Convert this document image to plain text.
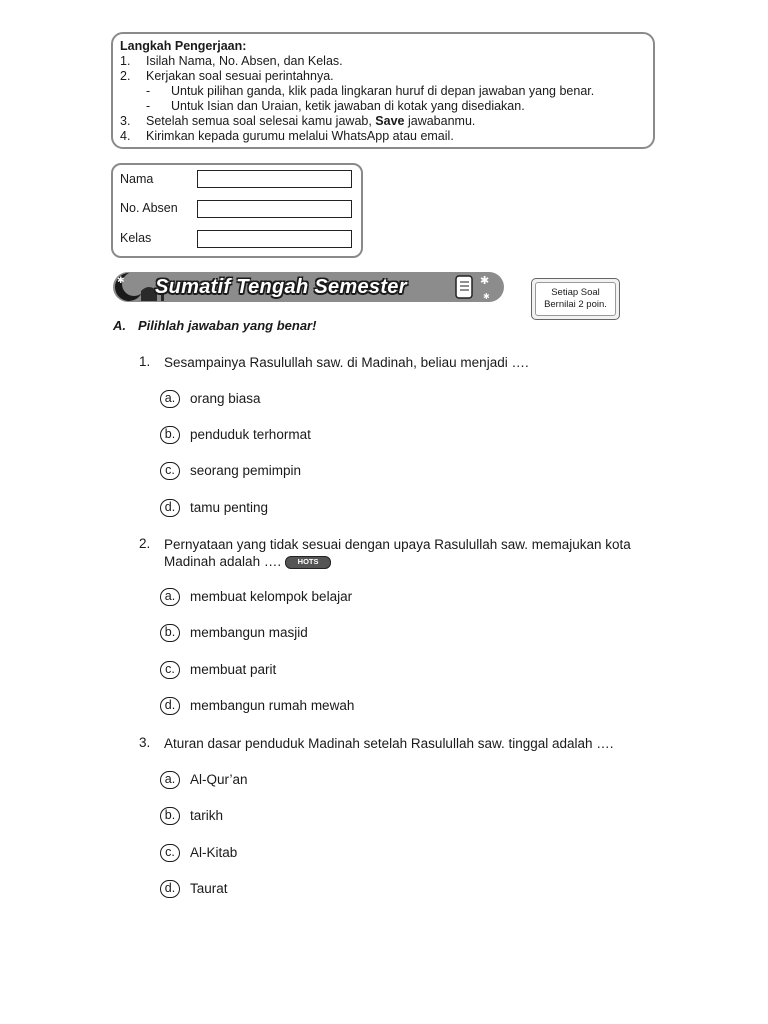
Langkah Pengerjaan:
1. Isilah Nama, No. Absen, dan Kelas.
2. Kerjakan soal sesuai perintahnya.
- Untuk pilihan ganda, klik pada lingkaran huruf di depan jawaban yang benar.
- Untuk Isian dan Uraian, ketik jawaban di kotak yang disediakan.
3. Setelah semua soal selesai kamu jawab, Save jawabanmu.
4. Kirimkan kepada gurumu melalui WhatsApp atau email.
Nama
No. Absen
Kelas
✱ Sumatif Tengah Semester	✱
✱	Setiap Soal
Bernilai 2 poin.
A. Pilihlah jawaban yang benar!
1. Sesampainya Rasulullah saw. di Madinah, beliau menjadi ….
a.	orang biasa
b.	penduduk terhormat
c.	seorang pemimpin
d.	tamu penting
2. Pernyataan yang tidak sesuai dengan upaya Rasulullah saw. memajukan kota
Madinah adalah …. HOTS
a.	membuat kelompok belajar
b.	membangun masjid
c.	membuat parit
d.	membangun rumah mewah
3. Aturan dasar penduduk Madinah setelah Rasulullah saw. tinggal adalah ….
a.	Al-Qur’an
b.	tarikh
c.	Al-Kitab
d.	Taurat
